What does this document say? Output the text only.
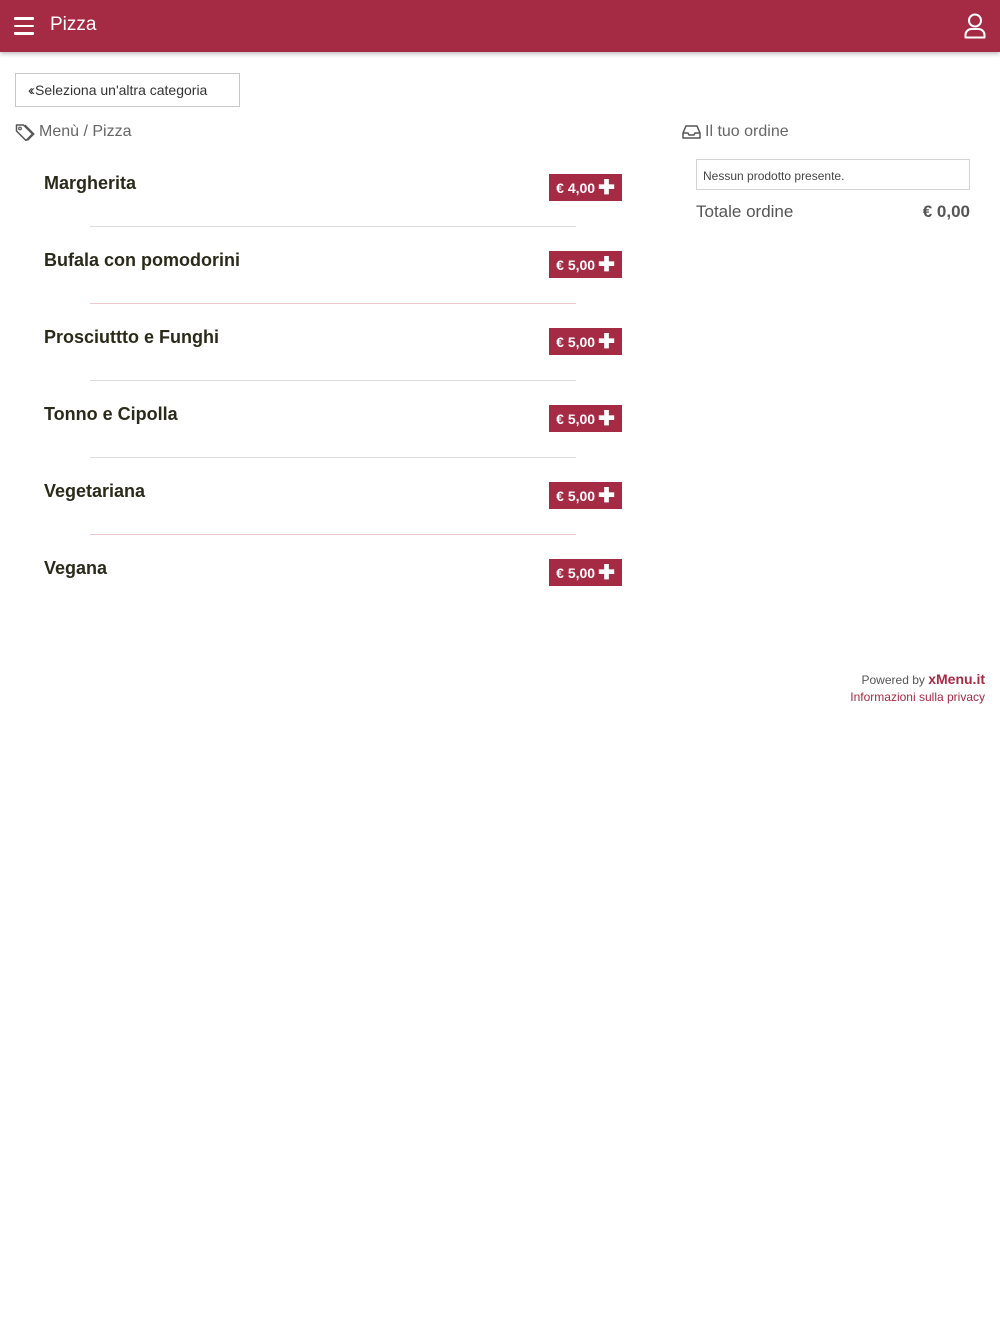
Pizza
‹‹ Seleziona un'altra categoria
Menù / Pizza
Margherita	€ 4,00 ✚
Bufala con pomodorini	€ 5,00 ✚
Prosciuttto e Funghi	€ 5,00 ✚
Tonno e Cipolla	€ 5,00 ✚
Vegetariana	€ 5,00 ✚
Vegana	€ 5,00 ✚
Il tuo ordine
Nessun prodotto presente.
Totale ordine	€ 0,00
Powered by xMenu.it
Informazioni sulla privacy
